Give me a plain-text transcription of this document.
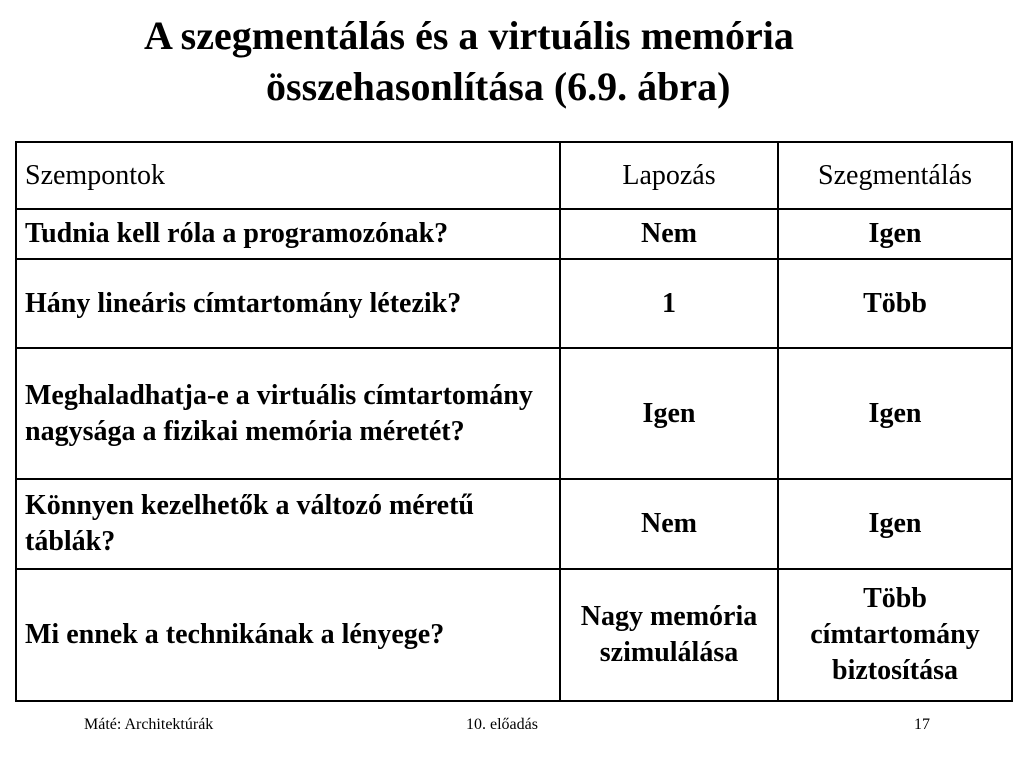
A szegmentálás és a virtuális memória
összehasonlítása (6.9. ábra)
Szempontok	Lapozás	Szegmentálás
Tudnia kell róla a programozónak?	Nem	Igen
Hány lineáris címtartomány létezik?	1	Több
Meghaladhatja-e a virtuális címtartomány nagysága a fizikai memória méretét?	Igen	Igen
Könnyen kezelhetők a változó méretű táblák?	Nem	Igen
Mi ennek a technikának a lényege?	Nagy memória szimulálása	Több címtartomány biztosítása
Máté: Architektúrák	10. előadás	17
